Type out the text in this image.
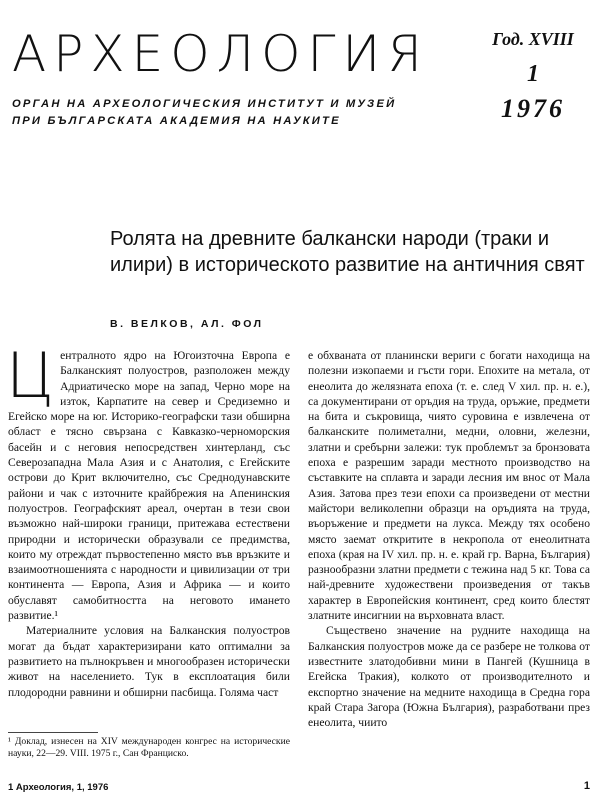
АРХЕОЛОГИЯ	Год. XVIII
1
1976
ОРГАН НА АРХЕОЛОГИЧЕСКИЯ ИНСТИТУТ И МУЗЕЙ
ПРИ БЪЛГАРСКАТА АКАДЕМИЯ НА НАУКИТЕ
Ролята на древните балкански народи (траки и илири) в историческото развитие на античния свят
В. ВЕЛКОВ, АЛ. ФОЛ

Централното ядро на Югоизточна Европа е Балканският полуостров, разположен между Адриатическо море на запад, Черно море на изток, Карпатите на север и Средиземно и Егейско море на юг. Историко-географски тази обширна област е тясно свързана с Кавказко-черноморския басейн и с неговия непосредствен хинтерланд, със Северозападна Мала Азия и с Анатолия, с Егейските острови до Крит включително, със Среднодунавските райони и чак с източните крайбрежия на Апенинския полуостров. Географският ареал, очертан в тези свои възможно най-широки граници, притежава естествени природни и исторически образували се предимства, които му отреждат първостепенно място във връзките и взаимоотношенията с народности и цивилизации от три континента — Европа, Азия и Африка — и които обуславят самобитността на неговото имането развитие.¹

Материалните условия на Балканския полуостров могат да бъдат характеризирани като оптимални за развитието на пълнокръвен и многообразен исторически живот на населението. Тук в експлоатация били плодородни равнини и обширни пасбища. Голяма част

е обхваната от планински вериги с богати находища на полезни изкопаеми и гъсти гори. Епохите на метала, от енеолита до желязната епоха (т. е. след V хил. пр. н. е.), са документирани от оръдия на труда, оръжие, предмети на бита и съкровища, чиято суровина е извлечена от балканските полиметални, медни, оловни, железни, златни и сребърни залежи: тук проблемът за бронзовата епоха е разрешим заради местното производство на съставките на сплавта и заради лесния им внос от Мала Азия. Затова през тези епохи са произведени от местни майстори великолепни образци на оръдията на труда, въоръжение и предмети на лукса. Между тях особено място заемат откритите в некропола от енеолитната епоха (края на IV хил. пр. н. е. край гр. Варна, България) разнообразни златни предмети с тежина над 5 кг. Това са най-древните художествени произведения от такъв характер в Европейския континент, сред които блестят златните инсигнии на върховната власт.

Съществено значение на рудните находища на Балканския полуостров може да се разбере не толкова от известните златодобивни мини в Пангей (Кушница в Егейска Тракия), колкото от производителното и експортно значение на медните находища в Средна гора край Стара Загора (Южна България), разработвани през енеолита, чиито

¹ Доклад, изнесен на XIV международен конгрес на исторические науки, 22—29. VIII. 1975 г., Сан Франциско.
1 Археология, 1, 1976	1
